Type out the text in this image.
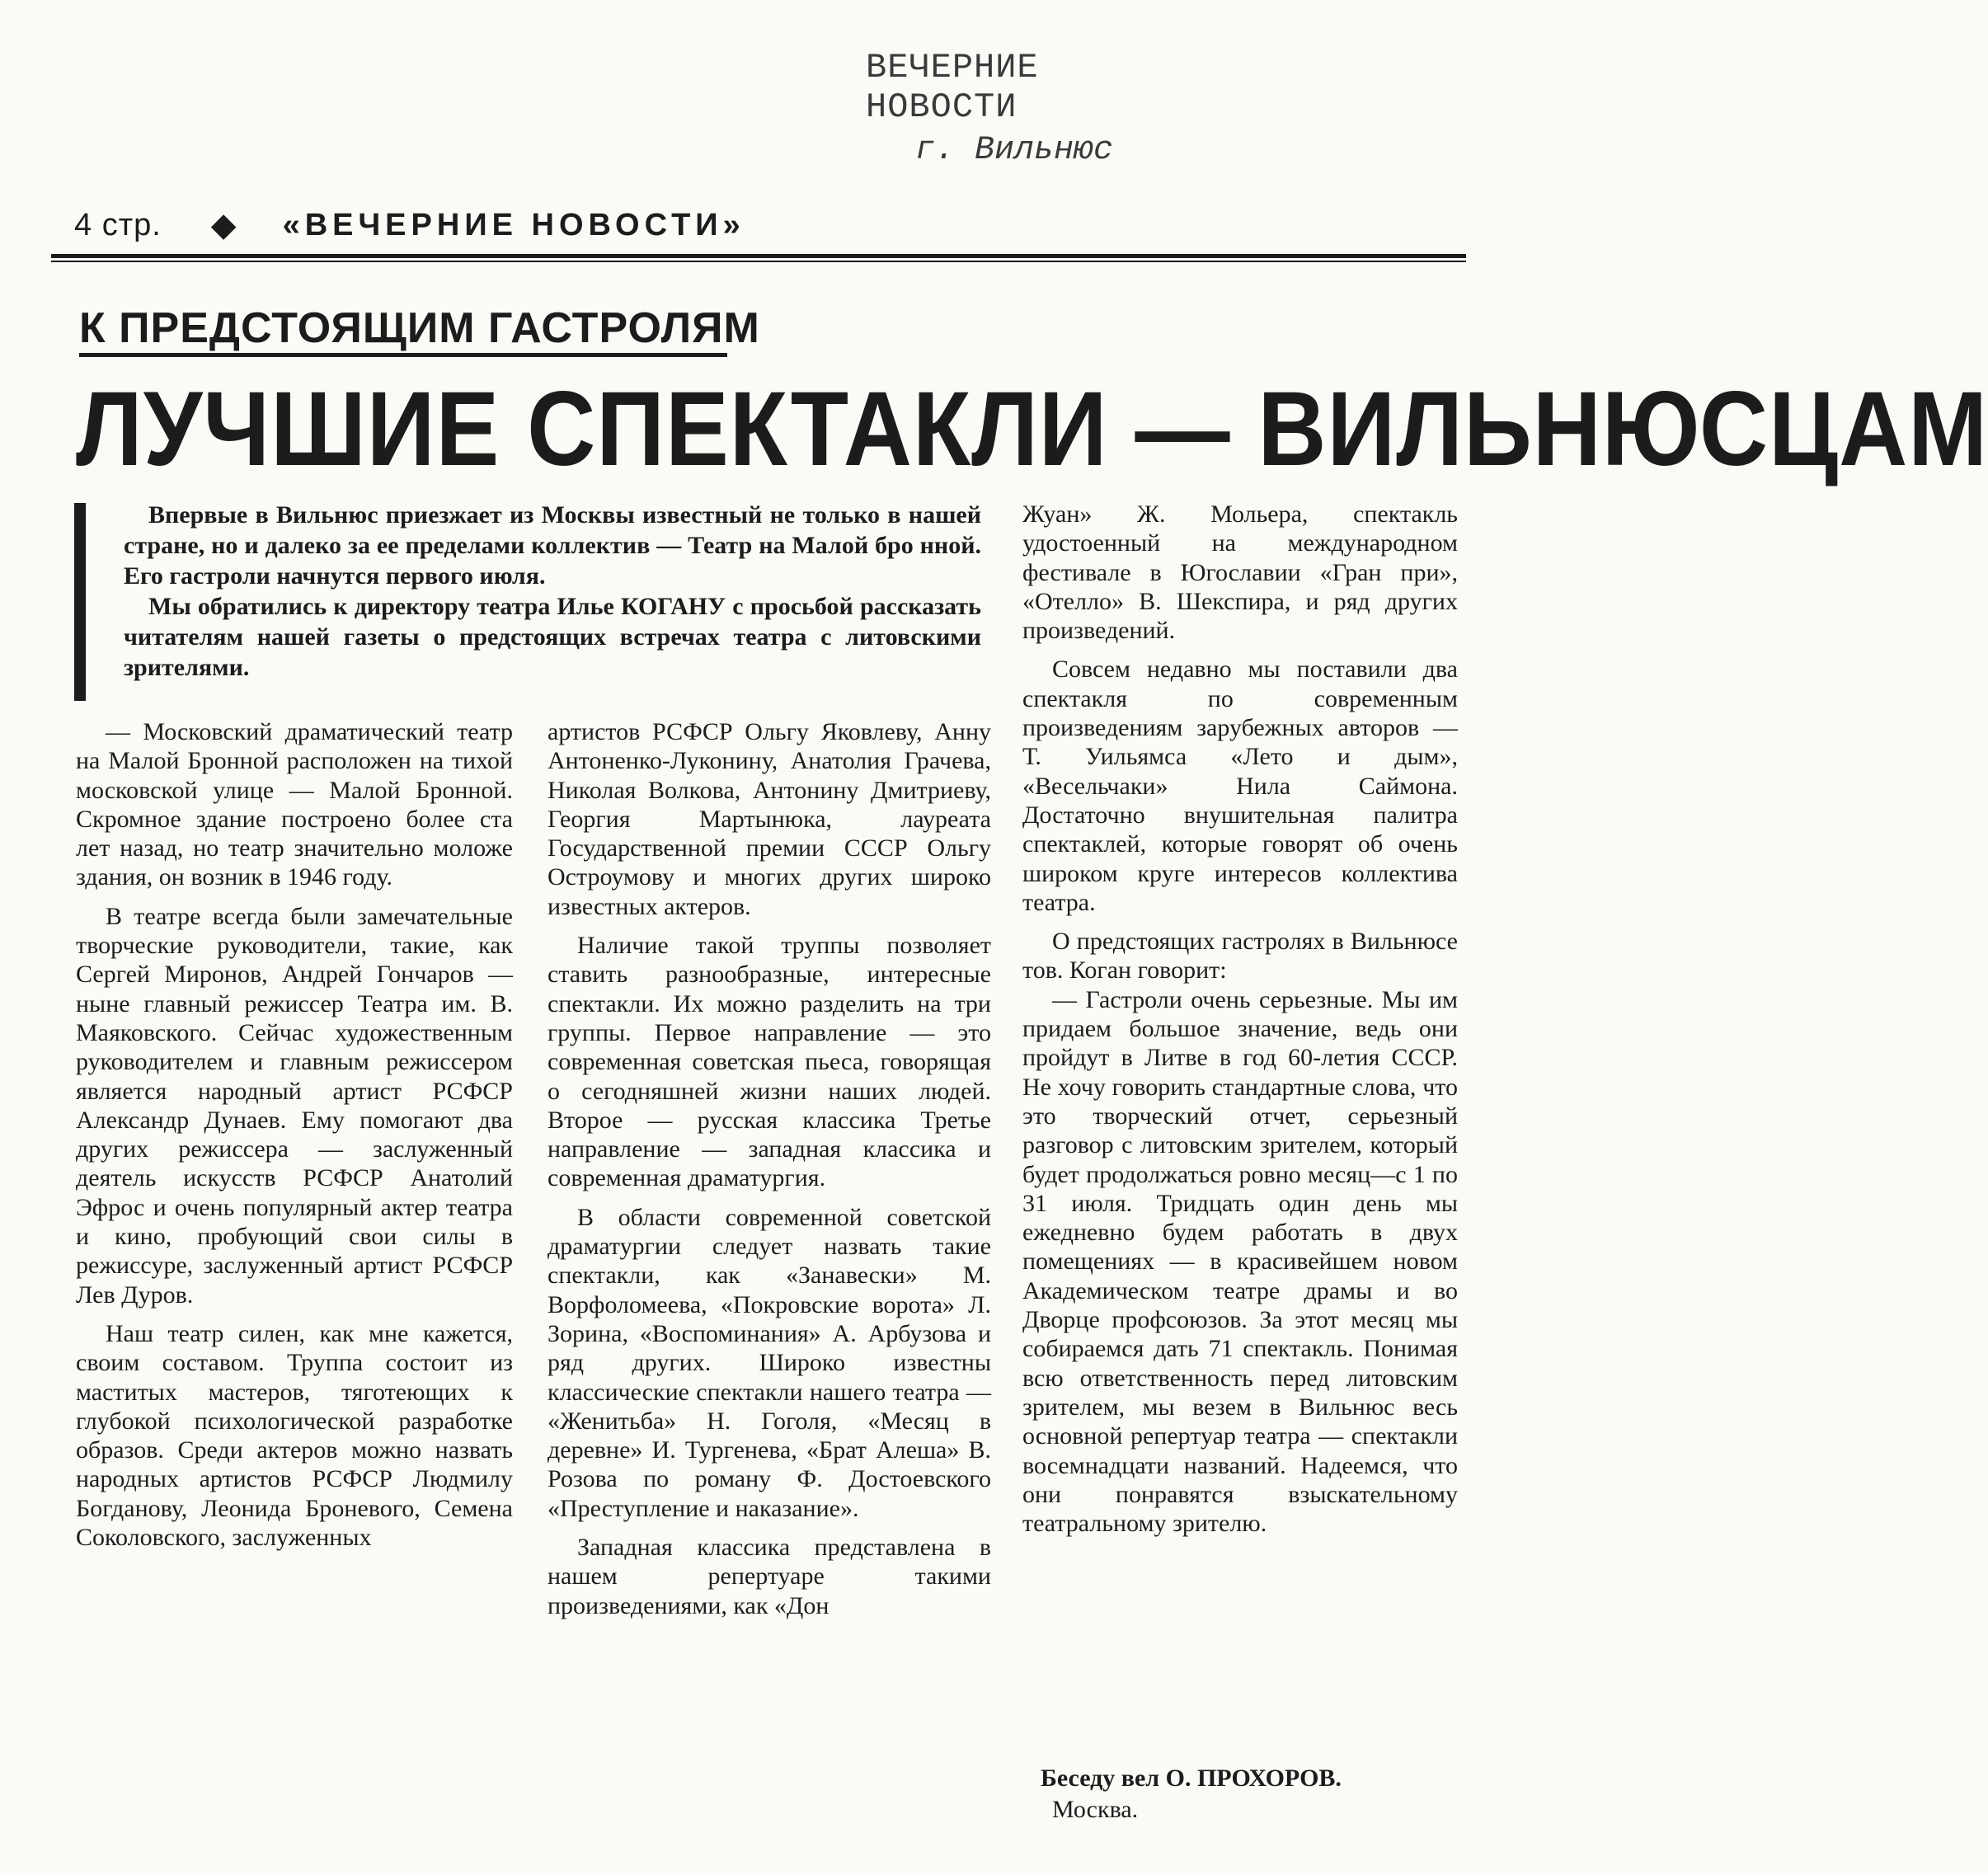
ВЕЧЕРНИЕ НОВОСТИ
г. Вильнюс
4 стр. ◆ «ВЕЧЕРНИЕ НОВОСТИ»
К ПРЕДСТОЯЩИМ ГАСТРОЛЯМ
ЛУЧШИЕ СПЕКТАКЛИ — ВИЛЬНЮСЦАМ

Впервые в Вильнюс приезжает из Москвы известный не только в нашей стране, но и далеко за ее пределами коллектив — Театр на Малой бро нной. Его гастроли начнутся первого июля.

Мы обратились к директору театра Илье КОГАНУ с просьбой рассказать читателям нашей газеты о предстоящих встречах театра с литовскими зрителями.

— Московский драматический театр на Малой Бронной расположен на тихой московской улице — Малой Бронной. Скромное здание построено более ста лет назад, но театр значительно моложе здания, он возник в 1946 году.

В театре всегда были замечательные творческие руководители, такие, как Сергей Миронов, Андрей Гончаров — ныне главный режиссер Театра им. В. Маяковского. Сейчас художественным руководителем и главным режиссером является народный артист РСФСР Александр Дунаев. Ему помогают два других режиссера — заслуженный деятель искусств РСФСР Анатолий Эфрос и очень популярный актер театра и кино, пробующий свои силы в режиссуре, заслуженный артист РСФСР Лев Дуров.

Наш театр силен, как мне кажется, своим составом. Труппа состоит из маститых мастеров, тяготеющих к глубокой психологической разработке образов. Среди актеров можно назвать народных артистов РСФСР Людмилу Богданову, Леонида Броневого, Семена Соколовского, заслуженных

артистов РСФСР Ольгу Яковлеву, Анну Антоненко-Луконину, Анатолия Грачева, Николая Волкова, Антонину Дмитриеву, Георгия Мартынюка, лауреата Государственной премии СССР Ольгу Остроумову и многих других широко известных актеров.

Наличие такой труппы позволяет ставить разнообразные, интересные спектакли. Их можно разделить на три группы. Первое направление — это современная советская пьеса, говорящая о сегодняшней жизни наших людей. Второе — русская классика Третье направление — западная классика и современная драматургия.

В области современной советской драматургии следует назвать такие спектакли, как «Занавески» М. Ворфоломеева, «Покровские ворота» Л. Зорина, «Воспоминания» А. Арбузова и ряд других. Широко известны классические спектакли нашего театра — «Женитьба» Н. Гоголя, «Месяц в деревне» И. Тургенева, «Брат Алеша» В. Розова по роману Ф. Достоевского «Преступление и наказание».

Западная классика представлена в нашем репертуаре такими произведениями, как «Дон

Жуан» Ж. Мольера, спектакль удостоенный на международном фестивале в Югославии «Гран при», «Отелло» В. Шекспира, и ряд других произведений.

Совсем недавно мы поставили два спектакля по современным произведениям зарубежных авторов — Т. Уильямса «Лето и дым», «Весельчаки» Нила Саймона. Достаточно внушительная палитра спектаклей, которые говорят об очень широком круге интересов коллектива театра.

О предстоящих гастролях в Вильнюсе тов. Коган говорит:

— Гастроли очень серьезные. Мы им придаем большое значение, ведь они пройдут в Литве в год 60-летия СССР. Не хочу говорить стандартные слова, что это творческий отчет, серьезный разговор с литовским зрителем, который будет продолжаться ровно месяц—с 1 по 31 июля. Тридцать один день мы ежедневно будем работать в двух помещениях — в красивейшем новом Академическом театре драмы и во Дворце профсоюзов. За этот месяц мы собираемся дать 71 спектакль. Понимая всю ответственность перед литовским зрителем, мы везем в Вильнюс весь основной репертуар театра — спектакли восемнадцати названий. Надеемся, что они понравятся взыскательному театральному зрителю.

Беседу вел О. ПРОХОРОВ.
Москва.
